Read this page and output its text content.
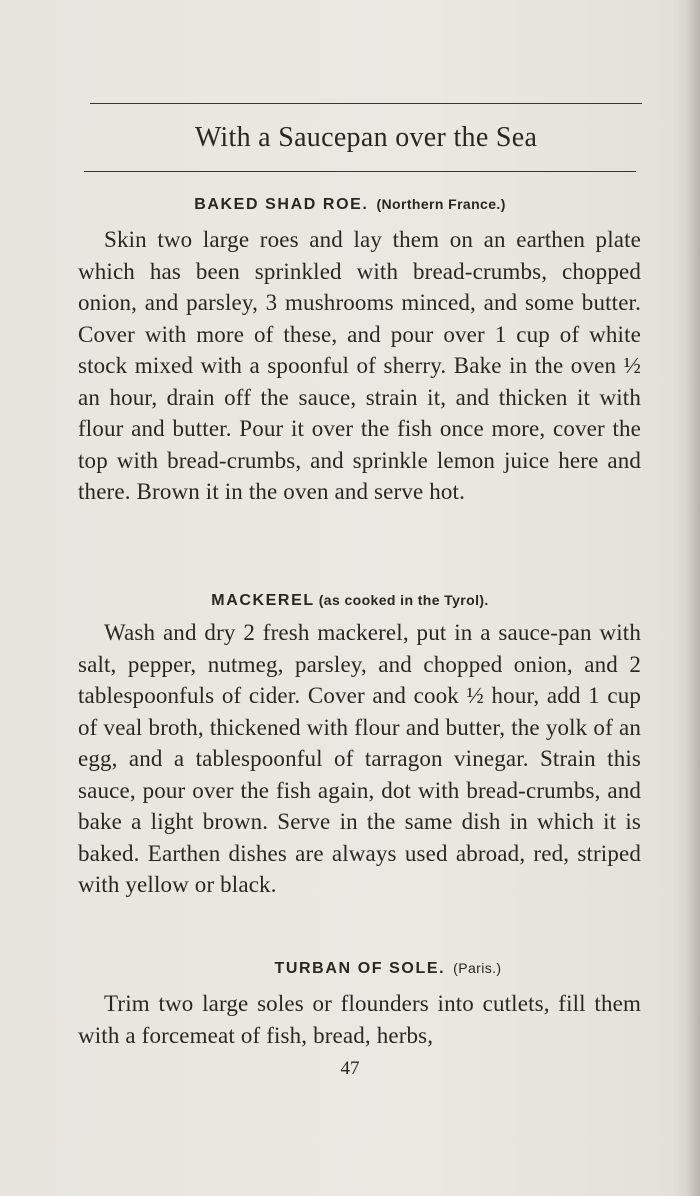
With a Saucepan over the Sea
BAKED SHAD ROE. (Northern France.)
Skin two large roes and lay them on an earthen plate which has been sprinkled with bread-crumbs, chopped onion, and parsley, 3 mushrooms minced, and some butter. Cover with more of these, and pour over 1 cup of white stock mixed with a spoonful of sherry. Bake in the oven ½ an hour, drain off the sauce, strain it, and thicken it with flour and butter. Pour it over the fish once more, cover the top with bread-crumbs, and sprinkle lemon juice here and there. Brown it in the oven and serve hot.
MACKEREL (as cooked in the Tyrol).
Wash and dry 2 fresh mackerel, put in a sauce-pan with salt, pepper, nutmeg, parsley, and chopped onion, and 2 tablespoonfuls of cider. Cover and cook ½ hour, add 1 cup of veal broth, thickened with flour and butter, the yolk of an egg, and a tablespoonful of tarragon vinegar. Strain this sauce, pour over the fish again, dot with bread-crumbs, and bake a light brown. Serve in the same dish in which it is baked. Earthen dishes are always used abroad, red, striped with yellow or black.
TURBAN OF SOLE. (Paris.)
Trim two large soles or flounders into cutlets, fill them with a forcemeat of fish, bread, herbs,
47
